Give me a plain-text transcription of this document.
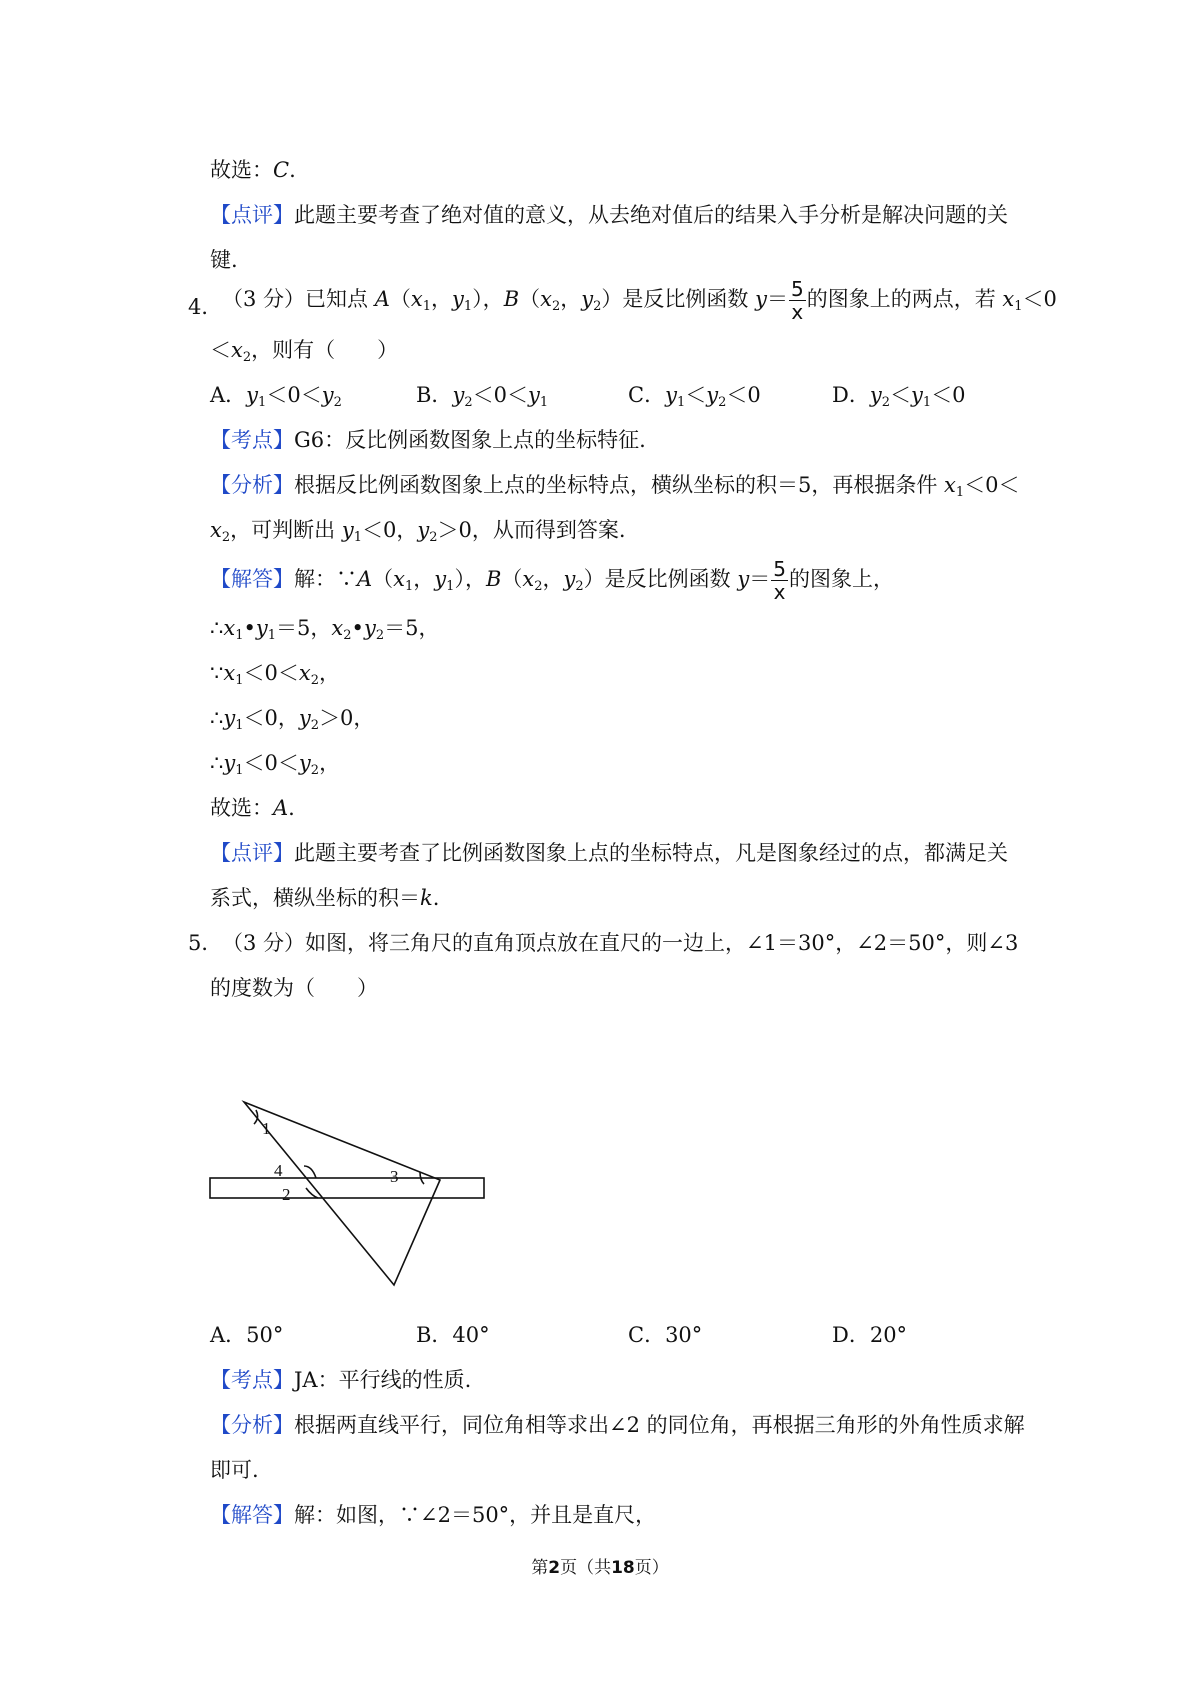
故选：C.
【点评】此题主要考查了绝对值的意义，从去绝对值后的结果入手分析是解决问题的关
键.
4． （3 分）已知点 $A(x_1$，$y_1$），$B(x_2$，$y_2$）是反比例函数 $y= \frac{5}{x}$ 的图象上的两点，若 $x_1<0$
$<x_2$，则有（　　）
A．$y_1<0<y_2$	B．$y_2<0<y_1$	C．$y_1<y_2<0$	D．$y_2<y_1<0$
【考点】G6：反比例函数图象上点的坐标特征.
【分析】根据反比例函数图象上点的坐标特点，横纵坐标的积＝5，再根据条件 $x_1<0<$
$x_2$，可判断出 $y_1<0$，$y_2>0$，从而得到答案.
【解答】解：$\because A(x_1$，$y_1$），$B(x_2$，$y_2$）是反比例函数 $y= \frac{5}{x}$ 的图象上，
$\therefore x_1•y_1=5$，$x_2•y_2=5$，
$\because x_1<0<x_2$，
$\therefore y_1<0$，$y_2>0$，
$\therefore y_1<0<y_2$，
故选：A.
【点评】此题主要考查了比例函数图象上点的坐标特点，凡是图象经过的点，都满足关
系式，横纵坐标的积＝k.
5． （3 分）如图，将三角尺的直角顶点放在直尺的一边上，∠1＝30°，∠2＝50°，则∠3
的度数为（　　）
1
4	3
2
A．50°	B．40°	C．30°	D．20°
【考点】JA：平行线的性质.
【分析】根据两直线平行，同位角相等求出∠2 的同位角，再根据三角形的外角性质求解
即可.
【解答】解：如图，∵∠2＝50°，并且是直尺，
第2页（共18页）
